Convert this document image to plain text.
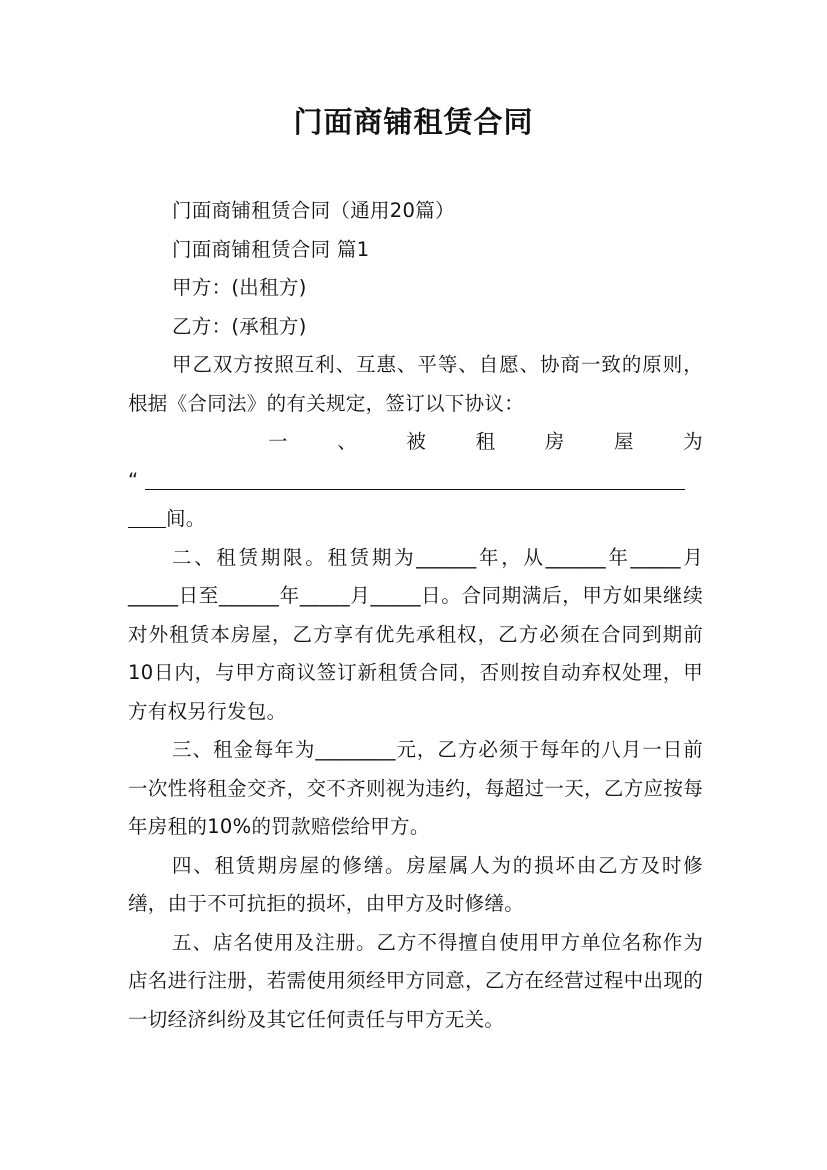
门面商铺租赁合同
门面商铺租赁合同（通用20篇）
门面商铺租赁合同 篇1
甲方：(出租方)
乙方：(承租方)
甲乙双方按照互利、互惠、平等、自愿、协商一致的原则，根据《合同法》的有关规定，签订以下协议：
一	、	被	租	房	屋	为
“
间。
二、租赁期限。租赁期为______年，从______年_____月_____日至______年_____月_____日。合同期满后，甲方如果继续对外租赁本房屋，乙方享有优先承租权，乙方必须在合同到期前10日内，与甲方商议签订新租赁合同，否则按自动弃权处理，甲方有权另行发包。
三、租金每年为________元，乙方必须于每年的八月一日前一次性将租金交齐，交不齐则视为违约，每超过一天，乙方应按每年房租的10%的罚款赔偿给甲方。
四、租赁期房屋的修缮。房屋属人为的损坏由乙方及时修缮，由于不可抗拒的损坏，由甲方及时修缮。
五、店名使用及注册。乙方不得擅自使用甲方单位名称作为店名进行注册，若需使用须经甲方同意，乙方在经营过程中出现的一切经济纠纷及其它任何责任与甲方无关。
